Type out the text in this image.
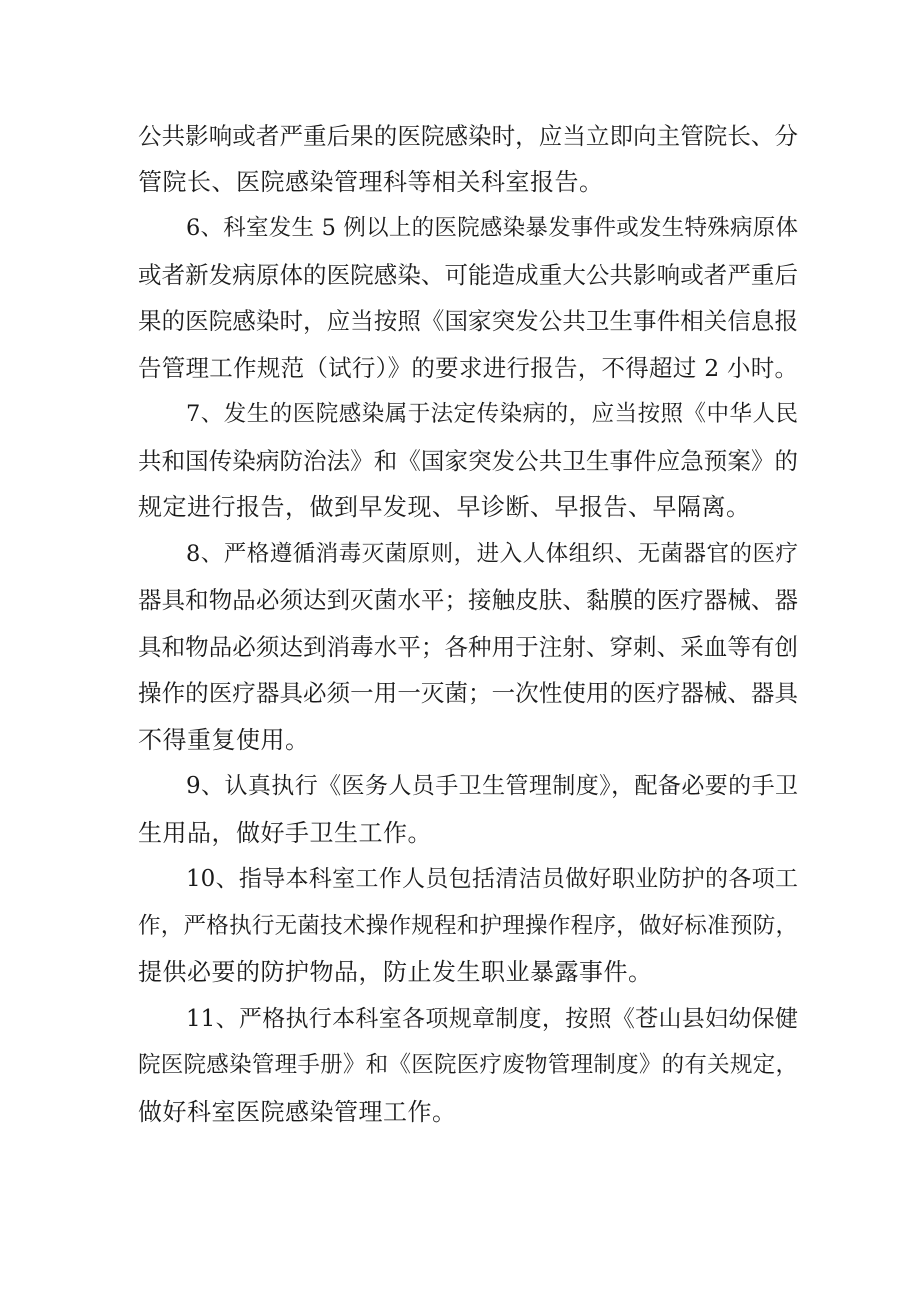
公共影响或者严重后果的医院感染时，应当立即向主管院长、分
管院长、医院感染管理科等相关科室报告。
6、科室发生 5 例以上的医院感染暴发事件或发生特殊病原体
或者新发病原体的医院感染、可能造成重大公共影响或者严重后
果的医院感染时，应当按照《国家突发公共卫生事件相关信息报
告管理工作规范（试行）》的要求进行报告，不得超过 2 小时。
7、发生的医院感染属于法定传染病的，应当按照《中华人民
共和国传染病防治法》和《国家突发公共卫生事件应急预案》的
规定进行报告，做到早发现、早诊断、早报告、早隔离。
8、严格遵循消毒灭菌原则，进入人体组织、无菌器官的医疗
器具和物品必须达到灭菌水平；接触皮肤、黏膜的医疗器械、器
具和物品必须达到消毒水平；各种用于注射、穿刺、采血等有创
操作的医疗器具必须一用一灭菌；一次性使用的医疗器械、器具
不得重复使用。
9、认真执行《医务人员手卫生管理制度》，配备必要的手卫
生用品，做好手卫生工作。
10、指导本科室工作人员包括清洁员做好职业防护的各项工
作，严格执行无菌技术操作规程和护理操作程序，做好标准预防，
提供必要的防护物品，防止发生职业暴露事件。
11、严格执行本科室各项规章制度，按照《苍山县妇幼保健
院医院感染管理手册》和《医院医疗废物管理制度》的有关规定，
做好科室医院感染管理工作。
